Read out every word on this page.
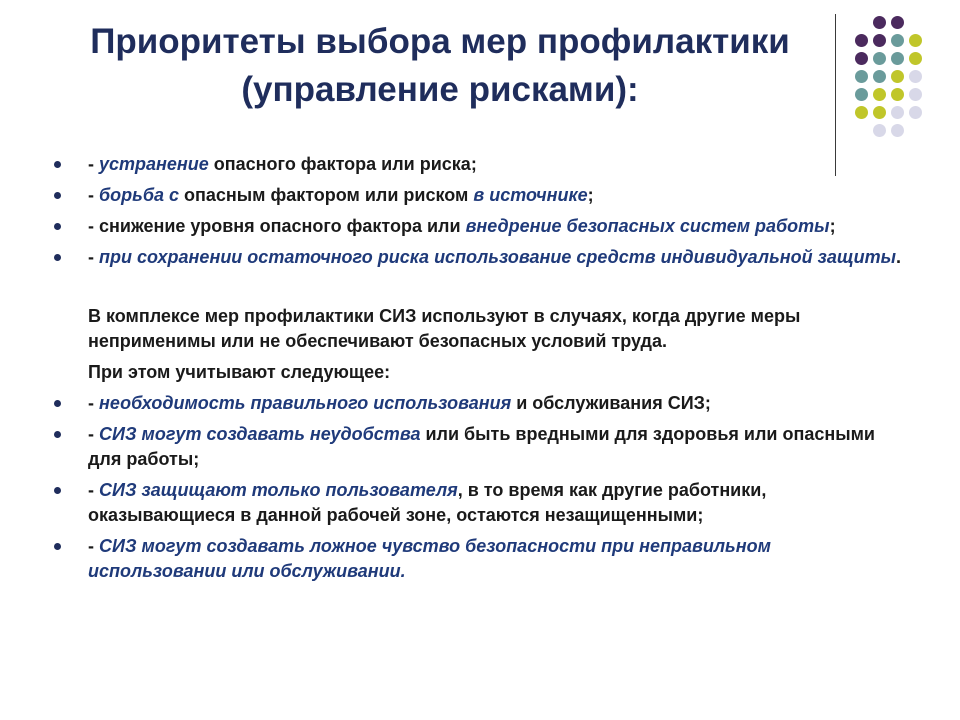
Приоритеты выбора мер профилактики
(управление рисками):
- устранение опасного фактора или риска;
- борьба с опасным фактором или риском в источнике;
- снижение уровня опасного фактора или внедрение безопасных систем работы;
- при сохранении остаточного риска использование средств индивидуальной защиты.
В комплексе мер профилактики СИЗ используют в случаях, когда другие меры неприменимы или не обеспечивают безопасных условий труда.
При этом учитывают следующее:
- необходимость правильного использования и обслуживания СИЗ;
- СИЗ могут создавать неудобства или быть вредными для здоровья или опасными для работы;
- СИЗ защищают только пользователя, в то время как другие работники, оказывающиеся в данной рабочей зоне, остаются незащищенными;
- СИЗ могут создавать ложное чувство безопасности при неправильном использовании или обслуживании.
